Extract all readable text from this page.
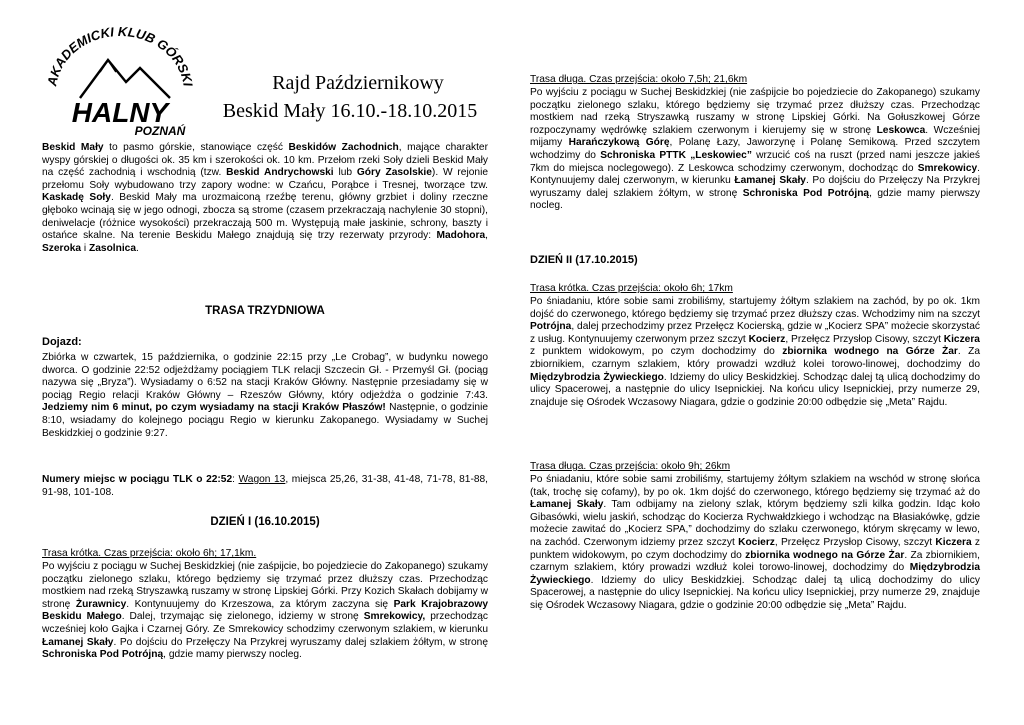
AKADEMICKI KLUB GÓRSKI
HALNY
POZNAŃ
Rajd Październikowy
Beskid Mały 16.10.-18.10.2015

Beskid Mały to pasmo górskie, stanowiące część Beskidów Zachodnich, mające charakter wyspy górskiej o długości ok. 35 km i szerokości ok. 10 km. Przełom rzeki Soły dzieli Beskid Mały na część zachodnią i wschodnią (tzw. Beskid Andrychowski lub Góry Zasolskie). W rejonie przełomu Soły wybudowano trzy zapory wodne: w Czańcu, Porąbce i Tresnej, tworzące tzw. Kaskadę Soły. Beskid Mały ma urozmaiconą rzeźbę terenu, główny grzbiet i doliny rzeczne głęboko wcinają się w jego odnogi, zbocza są strome (czasem przekraczają nachylenie 30 stopni), deniwelacje (różnice wysokości) przekraczają 500 m. Występują małe jaskinie, schrony, baszty i ostańce skalne. Na terenie Beskidu Małego znajdują się trzy rezerwaty przyrody: Madohora, Szeroka i Zasolnica.

TRASA TRZYDNIOWA
Dojazd:

Zbiórka w czwartek, 15 października, o godzinie 22:15 przy „Le Crobag”, w budynku nowego dworca. O godzinie 22:52 odjeżdżamy pociągiem TLK relacji Szczecin Gł. - Przemyśl Gł. (pociąg nazywa się „Bryza”). Wysiadamy o 6:52 na stacji Kraków Główny. Następnie przesiadamy się w pociąg Regio relacji Kraków Główny – Rzeszów Główny, który odjeżdża o godzinie 7:43. Jedziemy nim 6 minut, po czym wysiadamy na stacji Kraków Płaszów! Następnie, o godzinie 8:10, wsiadamy do kolejnego pociągu Regio w kierunku Zakopanego. Wysiadamy w Suchej Beskidzkiej o godzinie 9:27.

Numery miejsc w pociągu TLK o 22:52: Wagon 13, miejsca 25,26, 31-38, 41-48, 71-78, 81-88, 91-98, 101-108.

DZIEŃ I (16.10.2015)
Trasa krótka. Czas przejścia: około 6h; 17,1km.

Po wyjściu z pociągu w Suchej Beskidzkiej (nie zaśpijcie, bo pojedziecie do Zakopanego) szukamy początku zielonego szlaku, którego będziemy się trzymać przez dłuższy czas. Przechodząc mostkiem nad rzeką Stryszawką ruszamy w stronę Lipskiej Górki. Przy Kozich Skałach dobijamy w stronę Żurawnicy. Kontynuujemy do Krzeszowa, za którym zaczyna się Park Krajobrazowy Beskidu Małego. Dalej, trzymając się zielonego, idziemy w stronę Smrekowicy, przechodząc wcześniej koło Gajka i Czarnej Góry. Ze Smrekowicy schodzimy czerwonym szlakiem, w kierunku Łamanej Skały. Po dojściu do Przełęczy Na Przykrej wyruszamy dalej szlakiem żółtym, w stronę Schroniska Pod Potrójną, gdzie mamy pierwszy nocleg.

Trasa długa. Czas przejścia: około 7,5h; 21,6km

Po wyjściu z pociągu w Suchej Beskidzkiej (nie zaśpijcie bo pojedziecie do Zakopanego) szukamy początku zielonego szlaku, którego będziemy się trzymać przez dłuższy czas. Przechodząc mostkiem nad rzeką Stryszawką ruszamy w stronę Lipskiej Górki. Na Gołuszkowej Górze rozpoczynamy wędrówkę szlakiem czerwonym i kierujemy się w stronę Leskowca. Wcześniej mijamy Harańczykową Górę, Polanę Łazy, Jaworzynę i Polanę Semikową. Przed szczytem wchodzimy do Schroniska PTTK „Leskowiec” wrzucić coś na ruszt (przed nami jeszcze jakieś 7km do miejsca noclegowego). Z Leskowca schodzimy czerwonym, dochodząc do Smrekowicy. Kontynuujemy dalej czerwonym, w kierunku Łamanej Skały. Po dojściu do Przełęczy Na Przykrej wyruszamy dalej szlakiem żółtym, w stronę Schroniska Pod Potrójną, gdzie mamy pierwszy nocleg.

DZIEŃ II (17.10.2015)
Trasa krótka. Czas przejścia: około 6h; 17km

Po śniadaniu, które sobie sami zrobiliśmy, startujemy żółtym szlakiem na zachód, by po ok. 1km dojść do czerwonego, którego będziemy się trzymać przez dłuższy czas. Wchodzimy nim na szczyt Potrójna, dalej przechodzimy przez Przełęcz Kocierską, gdzie w „Kocierz SPA” możecie skorzystać z usług. Kontynuujemy czerwonym przez szczyt Kocierz, Przełęcz Przysłop Cisowy, szczyt Kiczera z punktem widokowym, po czym dochodzimy do zbiornika wodnego na Górze Żar. Za zbiornikiem, czarnym szlakiem, który prowadzi wzdłuż kolei torowo-linowej, dochodzimy do Międzybrodzia Żywieckiego. Idziemy do ulicy Beskidzkiej. Schodząc dalej tą ulicą dochodzimy do ulicy Spacerowej, a następnie do ulicy Isepnickiej. Na końcu ulicy Isepnickiej, przy numerze 29, znajduje się Ośrodek Wczasowy Niagara, gdzie o godzinie 20:00 odbędzie się „Meta” Rajdu.

Trasa długa. Czas przejścia: około 9h; 26km

Po śniadaniu, które sobie sami zrobiliśmy, startujemy żółtym szlakiem na wschód w stronę słońca (tak, trochę się cofamy), by po ok. 1km dojść do czerwonego, którego będziemy się trzymać aż do Łamanej Skały. Tam odbijamy na zielony szlak, którym będziemy szli kilka godzin. Idąc koło Gibasówki, wielu jaskiń, schodząc do Kocierza Rychwałdzkiego i wchodząc na Błasiakówkę, gdzie możecie zawitać do „Kocierz SPA,” dochodzimy do szlaku czerwonego, którym skręcamy w lewo, na zachód. Czerwonym idziemy przez szczyt Kocierz, Przełęcz Przysłop Cisowy, szczyt Kiczera z punktem widokowym, po czym dochodzimy do zbiornika wodnego na Górze Żar. Za zbiornikiem, czarnym szlakiem, który prowadzi wzdłuż kolei torowo-linowej, dochodzimy do Międzybrodzia Żywieckiego. Idziemy do ulicy Beskidzkiej. Schodząc dalej tą ulicą dochodzimy do ulicy Spacerowej, a następnie do ulicy Isepnickiej. Na końcu ulicy Isepnickiej, przy numerze 29, znajduje się Ośrodek Wczasowy Niagara, gdzie o godzinie 20:00 odbędzie się „Meta” Rajdu.
